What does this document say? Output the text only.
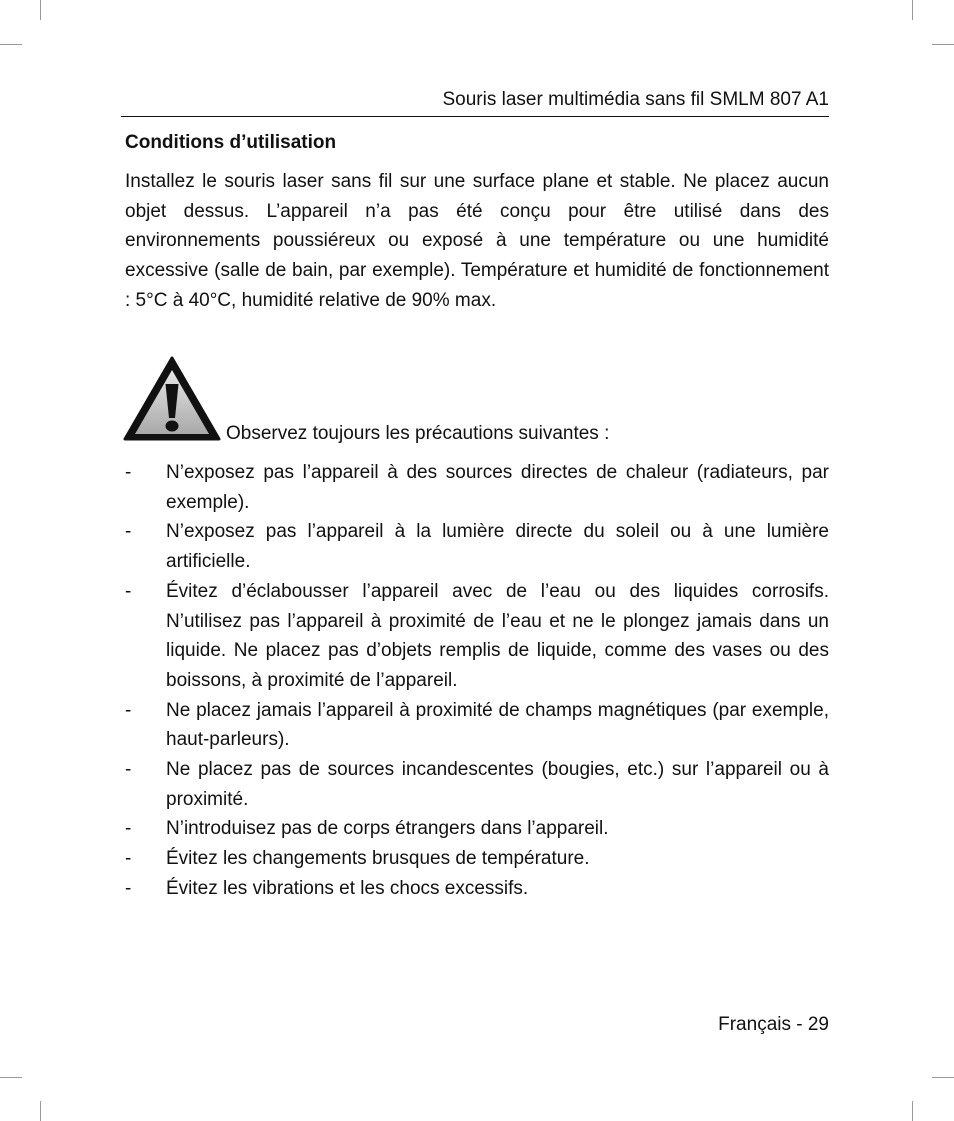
Souris laser multimédia sans fil SMLM 807 A1
Conditions d’utilisation

Installez le souris laser sans fil sur une surface plane et stable. Ne placez aucun objet dessus. L’appareil n’a pas été conçu pour être utilisé dans des environnements poussiéreux ou exposé à une température ou une humidité excessive (salle de bain, par exemple). Température et humidité de fonctionnement : 5°C à 40°C, humidité relative de 90% max.

Observez toujours les précautions suivantes :
- N’exposez pas l’appareil à des sources directes de chaleur (radiateurs, par exemple).
- N’exposez pas l’appareil à la lumière directe du soleil ou à une lumière artificielle.
- Évitez d’éclabousser l’appareil avec de l’eau ou des liquides corrosifs. N’utilisez pas l’appareil à proximité de l’eau et ne le plongez jamais dans un liquide. Ne placez pas d’objets remplis de liquide, comme des vases ou des boissons, à proximité de l’appareil.
- Ne placez jamais l’appareil à proximité de champs magnétiques (par exemple, haut-parleurs).
- Ne placez pas de sources incandescentes (bougies, etc.) sur l’appareil ou à proximité.
- N’introduisez pas de corps étrangers dans l’appareil.
- Évitez les changements brusques de température.
- Évitez les vibrations et les chocs excessifs.
Français - 29
